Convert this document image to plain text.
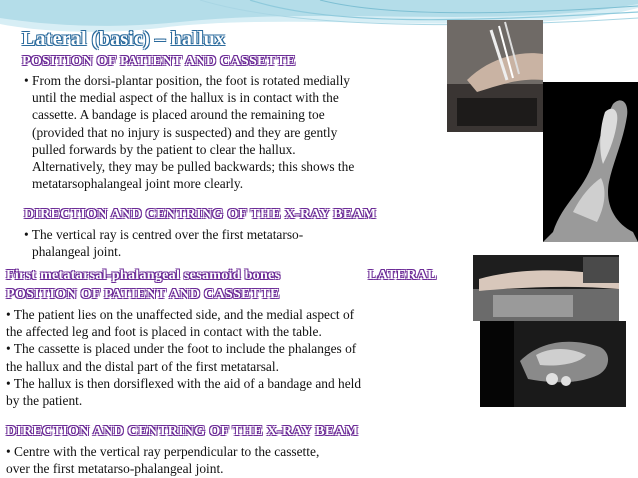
Lateral (basic) – hallux
POSITION OF PATIENT AND CASSETTE

• From the dorsi-plantar position, the foot is rotated medially

until the medial aspect of the hallux is in contact with the

cassette. A bandage is placed around the remaining toe

(provided that no injury is suspected) and they are gently

pulled forwards by the patient to clear the hallux.

Alternatively, they may be pulled backwards; this shows the

metatarsophalangeal joint more clearly.

DIRECTION AND CENTRING OF THE X-RAY BEAM

• The vertical ray is centred over the first metatarso-

phalangeal joint.

First metatarsal-phalangeal sesamoid bones	LATERAL
POSITION OF PATIENT AND CASSETTE

• The patient lies on the unaffected side, and the medial aspect of

the affected leg and foot is placed in contact with the table.

• The cassette is placed under the foot to include the phalanges of

the hallux and the distal part of the first metatarsal.

• The hallux is then dorsiflexed with the aid of a bandage and held

by the patient.

DIRECTION AND CENTRING OF THE X-RAY BEAM

• Centre with the vertical ray perpendicular to the cassette,

over the first metatarso-phalangeal joint.
